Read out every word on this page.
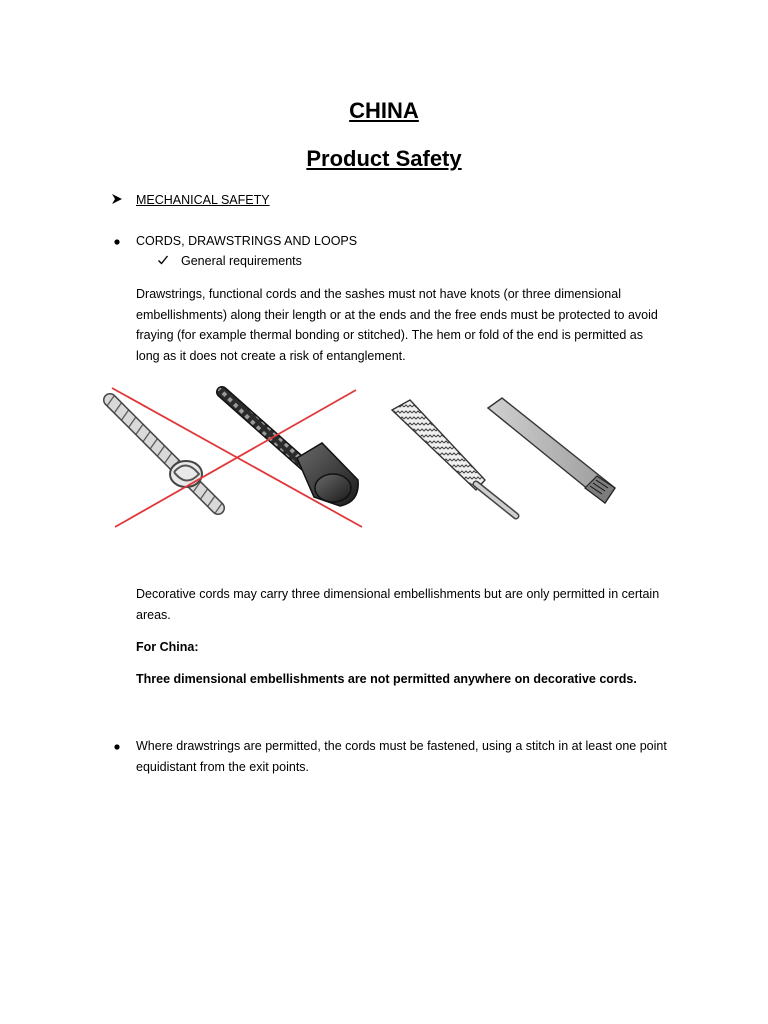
CHINA
Product Safety
MECHANICAL SAFETY
CORDS, DRAWSTRINGS AND LOOPS
General requirements
Drawstrings, functional cords and the sashes must not have knots (or three dimensional
embellishments) along their length or at the ends and the free ends must be protected to avoid
fraying (for example thermal bonding or stitched). The hem or fold of the end is permitted as
long as it does not create a risk of entanglement.
Decorative cords may carry three dimensional embellishments but are only permitted in certain
areas.
For China:
Three dimensional embellishments are not permitted anywhere on decorative cords.
Where drawstrings are permitted, the cords must be fastened, using a stitch in at least one point
equidistant from the exit points.
